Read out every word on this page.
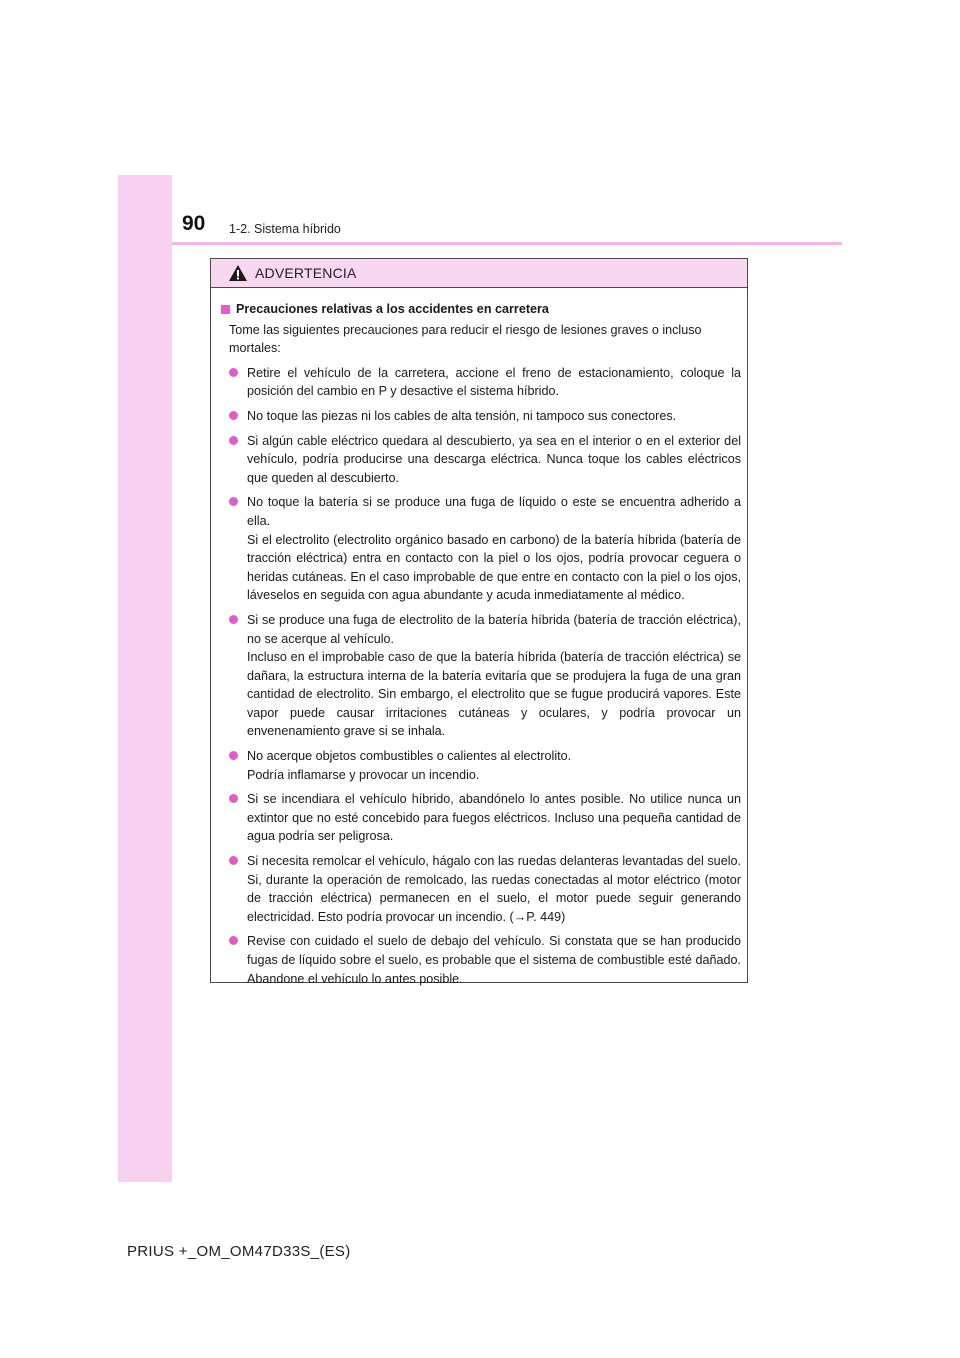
90 1-2. Sistema híbrido
ADVERTENCIA
Precauciones relativas a los accidentes en carretera
Tome las siguientes precauciones para reducir el riesgo de lesiones graves o incluso mortales:

Retire el vehículo de la carretera, accione el freno de estacionamiento, coloque la posición del cambio en P y desactive el sistema híbrido.

No toque las piezas ni los cables de alta tensión, ni tampoco sus conectores.

Si algún cable eléctrico quedara al descubierto, ya sea en el interior o en el exterior del vehículo, podría producirse una descarga eléctrica. Nunca toque los cables eléctricos que queden al descubierto.

No toque la batería si se produce una fuga de líquido o este se encuentra adherido a ella.

Si el electrolito (electrolito orgánico basado en carbono) de la batería híbrida (batería de tracción eléctrica) entra en contacto con la piel o los ojos, podría provocar ceguera o heridas cutáneas. En el caso improbable de que entre en contacto con la piel o los ojos, láveselos en seguida con agua abundante y acuda inmediatamente al médico.

Si se produce una fuga de electrolito de la batería híbrida (batería de tracción eléctrica), no se acerque al vehículo.

Incluso en el improbable caso de que la batería híbrida (batería de tracción eléctrica) se dañara, la estructura interna de la batería evitaría que se produjera la fuga de una gran cantidad de electrolito. Sin embargo, el electrolito que se fugue producirá vapores. Este vapor puede causar irritaciones cutáneas y oculares, y podría provocar un envenenamiento grave si se inhala.

No acerque objetos combustibles o calientes al electrolito.

Podría inflamarse y provocar un incendio.

Si se incendiara el vehículo híbrido, abandónelo lo antes posible. No utilice nunca un extintor que no esté concebido para fuegos eléctricos. Incluso una pequeña cantidad de agua podría ser peligrosa.

Si necesita remolcar el vehículo, hágalo con las ruedas delanteras levantadas del suelo. Si, durante la operación de remolcado, las ruedas conectadas al motor eléctrico (motor de tracción eléctrica) permanecen en el suelo, el motor puede seguir generando electricidad. Esto podría provocar un incendio. (→P. 449)

Revise con cuidado el suelo de debajo del vehículo. Si constata que se han producido fugas de líquido sobre el suelo, es probable que el sistema de combustible esté dañado. Abandone el vehículo lo antes posible.

PRIUS +_OM_OM47D33S_(ES)
